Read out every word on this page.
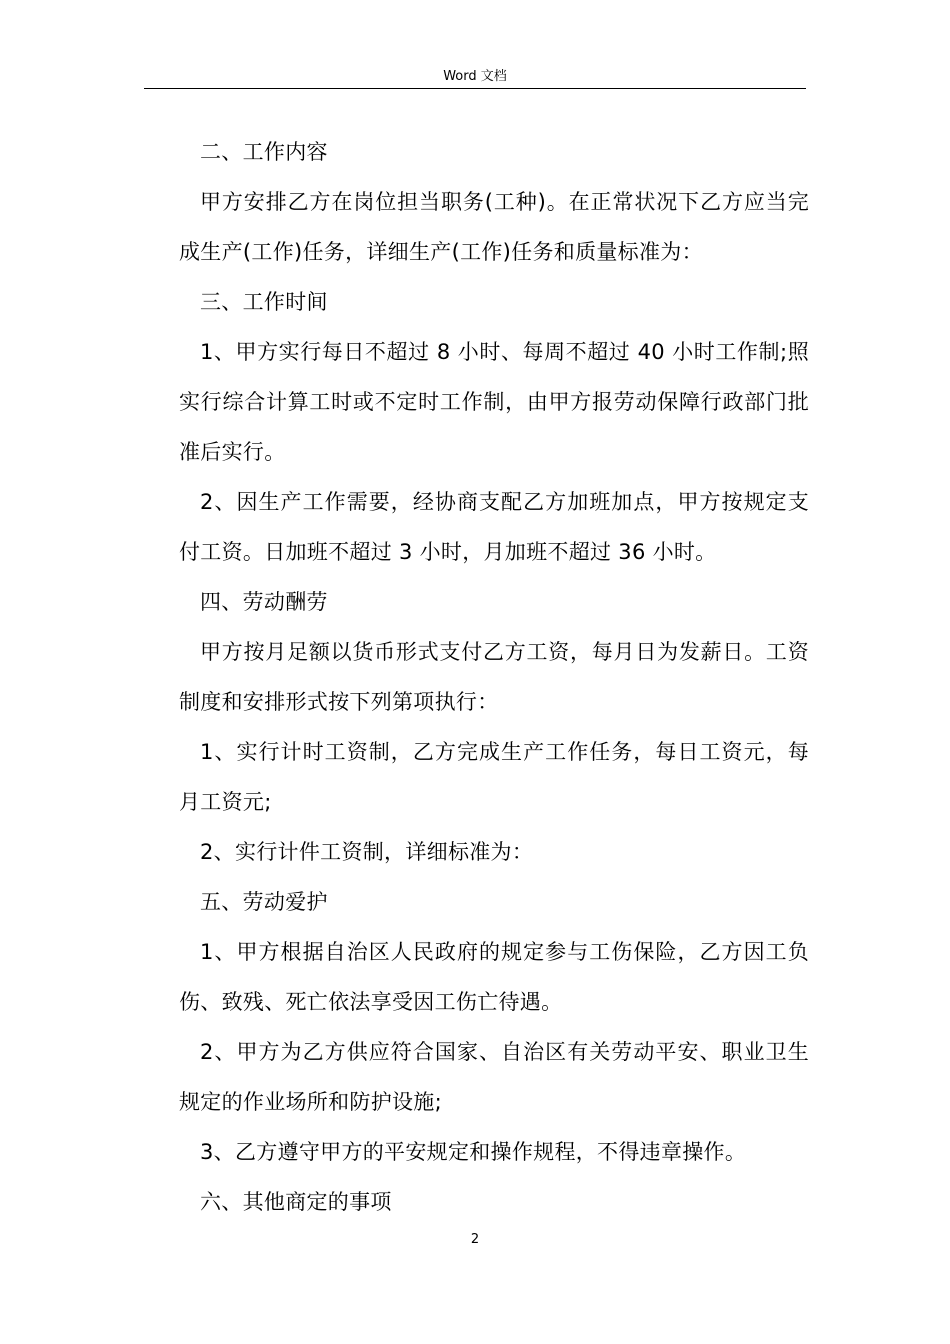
Word 文档

二、工作内容

甲方安排乙方在岗位担当职务(工种)。在正常状况下乙方应当完成生产(工作)任务，详细生产(工作)任务和质量标准为：

三、工作时间

1、甲方实行每日不超过 8 小时、每周不超过 40 小时工作制;照实行综合计算工时或不定时工作制，由甲方报劳动保障行政部门批准后实行。

2、因生产工作需要，经协商支配乙方加班加点，甲方按规定支付工资。日加班不超过 3 小时，月加班不超过 36 小时。

四、劳动酬劳

甲方按月足额以货币形式支付乙方工资，每月日为发薪日。工资制度和安排形式按下列第项执行：

1、实行计时工资制，乙方完成生产工作任务，每日工资元，每月工资元;

2、实行计件工资制，详细标准为：

五、劳动爱护

1、甲方根据自治区人民政府的规定参与工伤保险，乙方因工负伤、致残、死亡依法享受因工伤亡待遇。

2、甲方为乙方供应符合国家、自治区有关劳动平安、职业卫生规定的作业场所和防护设施;

3、乙方遵守甲方的平安规定和操作规程，不得违章操作。

六、其他商定的事项

2
